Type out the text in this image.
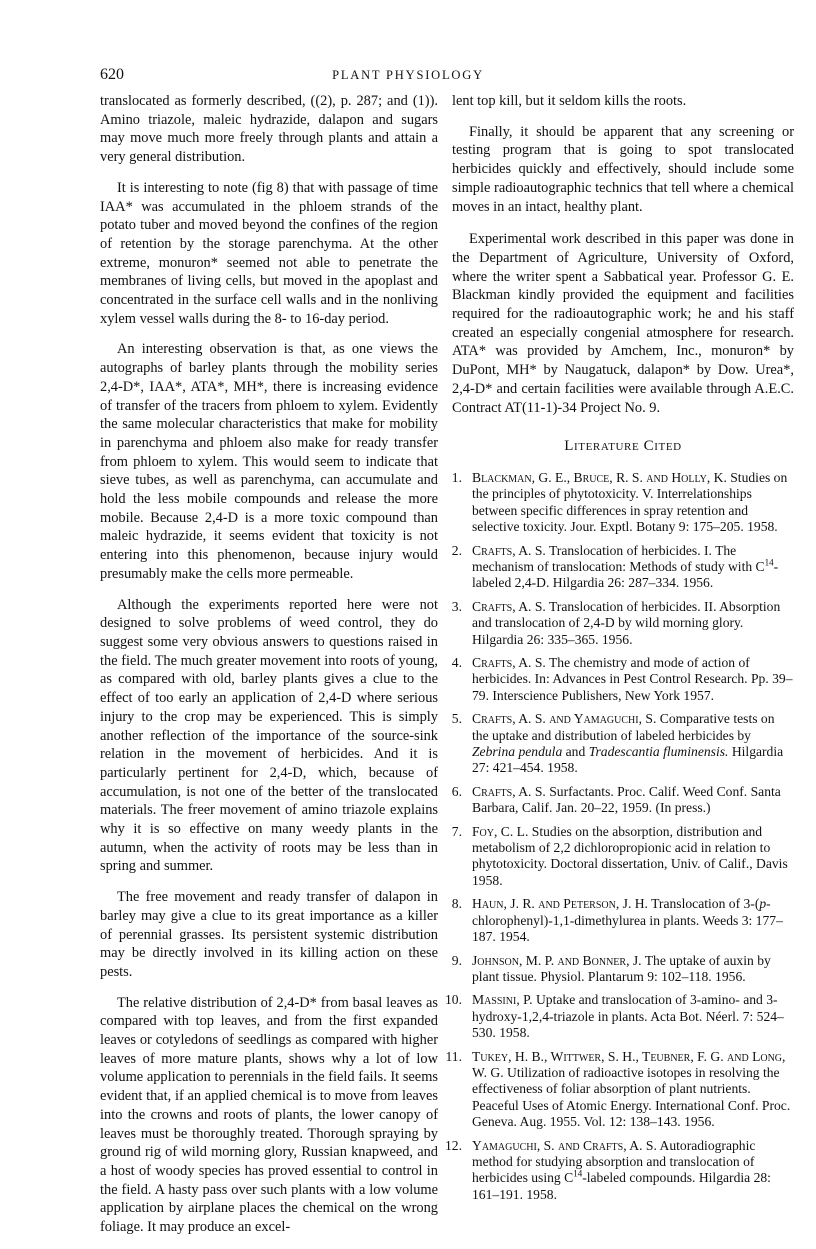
620	PLANT PHYSIOLOGY

translocated as formerly described, ((2), p. 287; and (1)). Amino triazole, maleic hydrazide, dalapon and sugars may move much more freely through plants and attain a very general distribution.

It is interesting to note (fig 8) that with passage of time IAA* was accumulated in the phloem strands of the potato tuber and moved beyond the confines of the region of retention by the storage parenchyma. At the other extreme, monuron* seemed not able to penetrate the membranes of living cells, but moved in the apoplast and concentrated in the surface cell walls and in the nonliving xylem vessel walls during the 8- to 16-day period.

An interesting observation is that, as one views the autographs of barley plants through the mobility series 2,4-D*, IAA*, ATA*, MH*, there is increasing evidence of transfer of the tracers from phloem to xylem. Evidently the same molecular characteristics that make for mobility in parenchyma and phloem also make for ready transfer from phloem to xylem. This would seem to indicate that sieve tubes, as well as parenchyma, can accumulate and hold the less mobile compounds and release the more mobile. Because 2,4-D is a more toxic compound than maleic hydrazide, it seems evident that toxicity is not entering into this phenomenon, because injury would presumably make the cells more permeable.

Although the experiments reported here were not designed to solve problems of weed control, they do suggest some very obvious answers to questions raised in the field. The much greater movement into roots of young, as compared with old, barley plants gives a clue to the effect of too early an application of 2,4-D where serious injury to the crop may be experienced. This is simply another reflection of the importance of the source-sink relation in the movement of herbicides. And it is particularly pertinent for 2,4-D, which, because of accumulation, is not one of the better of the translocated materials. The freer movement of amino triazole explains why it is so effective on many weedy plants in the autumn, when the activity of roots may be less than in spring and summer.

The free movement and ready transfer of dalapon in barley may give a clue to its great importance as a killer of perennial grasses. Its persistent systemic distribution may be directly involved in its killing action on these pests.

The relative distribution of 2,4-D* from basal leaves as compared with top leaves, and from the first expanded leaves or cotyledons of seedlings as compared with higher leaves of more mature plants, shows why a lot of low volume application to perennials in the field fails. It seems evident that, if an applied chemical is to move from leaves into the crowns and roots of plants, the lower canopy of leaves must be thoroughly treated. Thorough spraying by ground rig of wild morning glory, Russian knapweed, and a host of woody species has proved essential to control in the field. A hasty pass over such plants with a low volume application by airplane places the chemical on the wrong foliage. It may produce an excel-

lent top kill, but it seldom kills the roots.

Finally, it should be apparent that any screening or testing program that is going to spot translocated herbicides quickly and effectively, should include some simple radioautographic technics that tell where a chemical moves in an intact, healthy plant.

Experimental work described in this paper was done in the Department of Agriculture, University of Oxford, where the writer spent a Sabbatical year. Professor G. E. Blackman kindly provided the equipment and facilities required for the radioautographic work; he and his staff created an especially congenial atmosphere for research. ATA* was provided by Amchem, Inc., monuron* by DuPont, MH* by Naugatuck, dalapon* by Dow. Urea*, 2,4-D* and certain facilities were available through A.E.C. Contract AT(11-1)-34 Project No. 9.

Literature Cited
1. Blackman, G. E., Bruce, R. S. and Holly, K. Studies on the principles of phytotoxicity. V. Interrelationships between specific differences in spray retention and selective toxicity. Jour. Exptl. Botany 9: 175–205. 1958.
2. Crafts, A. S. Translocation of herbicides. I. The mechanism of translocation: Methods of study with $C^{14}$-labeled 2,4-D. Hilgardia 26: 287–334. 1956.
3. Crafts, A. S. Translocation of herbicides. II. Absorption and translocation of 2,4-D by wild morning glory. Hilgardia 26: 335–365. 1956.
4. Crafts, A. S. The chemistry and mode of action of herbicides. In: Advances in Pest Control Research. Pp. 39–79. Interscience Publishers, New York 1957.
5. Crafts, A. S. and Yamaguchi, S. Comparative tests on the uptake and distribution of labeled herbicides by Zebrina pendula and Tradescantia fluminensis. Hilgardia 27: 421–454. 1958.
6. Crafts, A. S. Surfactants. Proc. Calif. Weed Conf. Santa Barbara, Calif. Jan. 20–22, 1959. (In press.)
7. Foy, C. L. Studies on the absorption, distribution and metabolism of 2,2 dichloropropionic acid in relation to phytotoxicity. Doctoral dissertation, Univ. of Calif., Davis 1958.
8. Haun, J. R. and Peterson, J. H. Translocation of 3-(p-chlorophenyl)-1,1-dimethylurea in plants. Weeds 3: 177–187. 1954.
9. Johnson, M. P. and Bonner, J. The uptake of auxin by plant tissue. Physiol. Plantarum 9: 102–118. 1956.
10. Massini, P. Uptake and translocation of 3-amino- and 3-hydroxy-1,2,4-triazole in plants. Acta Bot. Néerl. 7: 524–530. 1958.
11. Tukey, H. B., Wittwer, S. H., Teubner, F. G. and Long, W. G. Utilization of radioactive isotopes in resolving the effectiveness of foliar absorption of plant nutrients. Peaceful Uses of Atomic Energy. International Conf. Proc. Geneva. Aug. 1955. Vol. 12: 138–143. 1956.
12. Yamaguchi, S. and Crafts, A. S. Autoradiographic method for studying absorption and translocation of herbicides using $C^{14}$-labeled compounds. Hilgardia 28: 161–191. 1958.
